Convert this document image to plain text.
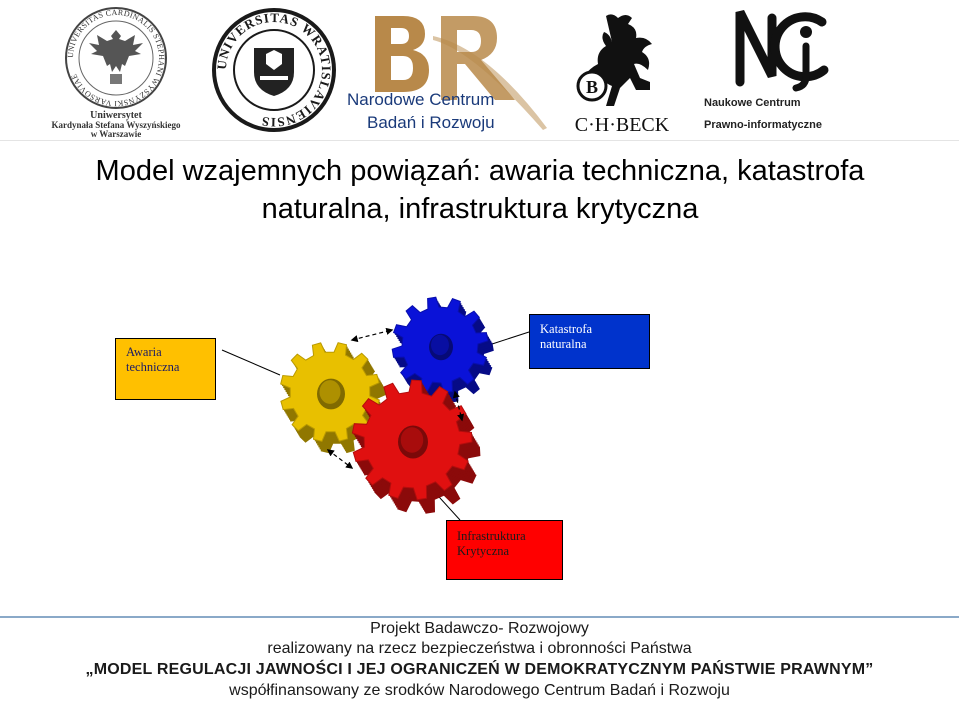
UNIVERSITAS CARDINALIS STEPHANI WYSZYŃSKI VARSOVIAE
Uniwersytet
Kardynała Stefana Wyszyńskiego
w Warszawie
UNIVERSITAS WRATISLAVIENSIS
Narodowe Centrum
Badań i Rozwoju
B
C·H·BECK
Naukowe Centrum
Prawno-informatyczne
Model wzajemnych powiązań: awaria techniczna, katastrofa
naturalna, infrastruktura krytyczna
Awaria
techniczna
Katastrofa
naturalna
Infrastruktura
Krytyczna
Projekt Badawczo- Rozwojowy
realizowany na rzecz bezpieczeństwa i obronności Państwa
„MODEL REGULACJI JAWNOŚCI I JEJ OGRANICZEŃ W DEMOKRATYCZNYM PAŃSTWIE PRAWNYM”
współfinansowany ze srodków Narodowego Centrum Badań i Rozwoju
